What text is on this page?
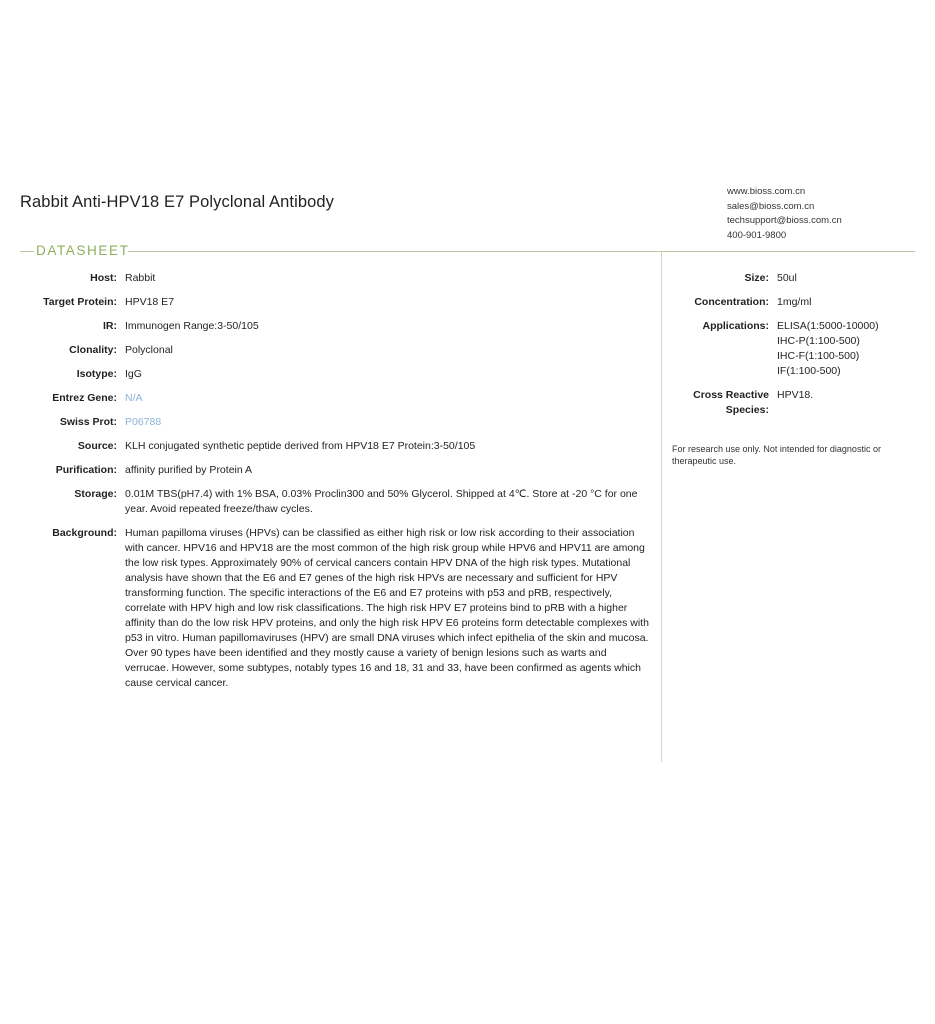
Rabbit Anti-HPV18 E7 Polyclonal Antibody
www.bioss.com.cn
sales@bioss.com.cn
techsupport@bioss.com.cn
400-901-9800
DATASHEET
Host: Rabbit
Target Protein: HPV18 E7
IR: Immunogen Range:3-50/105
Clonality: Polyclonal
Isotype: IgG
Entrez Gene: N/A
Swiss Prot: P06788
Source: KLH conjugated synthetic peptide derived from HPV18 E7 Protein:3-50/105
Purification: affinity purified by Protein A
Storage: 0.01M TBS(pH7.4) with 1% BSA, 0.03% Proclin300 and 50% Glycerol. Shipped at 4℃. Store at -20 °C for one year. Avoid repeated freeze/thaw cycles.
Background: Human papilloma viruses (HPVs) can be classified as either high risk or low risk according to their association with cancer. HPV16 and HPV18 are the most common of the high risk group while HPV6 and HPV11 are among the low risk types. Approximately 90% of cervical cancers contain HPV DNA of the high risk types. Mutational analysis have shown that the E6 and E7 genes of the high risk HPVs are necessary and sufficient for HPV transforming function. The specific interactions of the E6 and E7 proteins with p53 and pRB, respectively, correlate with HPV high and low risk classifications. The high risk HPV E7 proteins bind to pRB with a higher affinity than do the low risk HPV proteins, and only the high risk HPV E6 proteins form detectable complexes with p53 in vitro. Human papillomaviruses (HPV) are small DNA viruses which infect epithelia of the skin and mucosa. Over 90 types have been identified and they mostly cause a variety of benign lesions such as warts and verrucae. However, some subtypes, notably types 16 and 18, 31 and 33, have been confirmed as agents which cause cervical cancer.
Size: 50ul
Concentration: 1mg/ml
Applications: ELISA(1:5000-10000)
IHC-P(1:100-500)
IHC-F(1:100-500)
IF(1:100-500)
Cross Reactive Species:
HPV18.
For research use only. Not intended for diagnostic or therapeutic use.
